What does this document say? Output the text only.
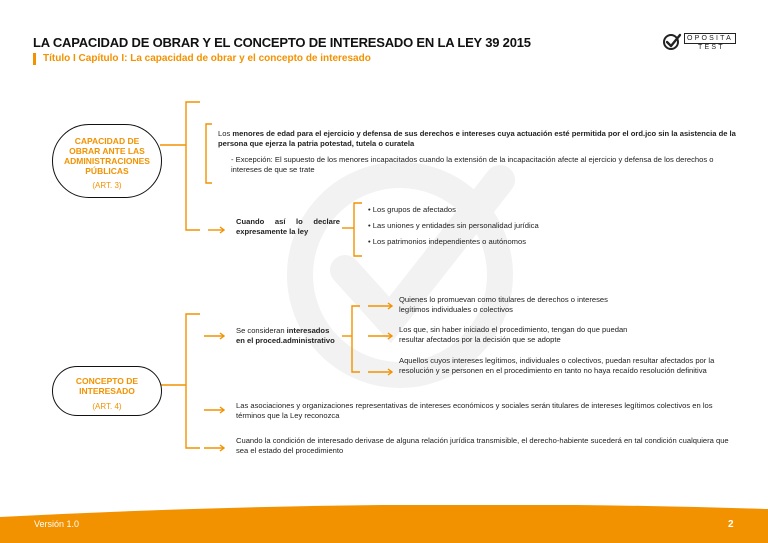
LA CAPACIDAD DE OBRAR Y EL CONCEPTO DE INTERESADO EN LA LEY 39 2015
Título I Capítulo I: La capacidad de obrar y el concepto de interesado
OPOSITA
TEST
CAPACIDAD DE OBRAR ANTE LAS ADMINISTRACIONES PÚBLICAS
(ART. 3)
Los menores de edad para el ejercicio y defensa de sus derechos e intereses cuya actuación esté permitida por el ord.jco sin la asistencia de la persona que ejerza la patria potestad, tutela o curatela
- Excepción: El supuesto de los menores incapacitados cuando la extensión de la incapacitación afecte al ejercicio y defensa de los derechos o intereses de que se trate
Cuando así lo declare expresamente la ley
• Los grupos de afectados
• Las uniones y entidades sin personalidad jurídica
• Los patrimonios independientes o autónomos
CONCEPTO DE INTERESADO
(ART. 4)
Se consideran interesados
en el proced.administrativo
Quienes lo promuevan como titulares de derechos o intereses legítimos individuales o colectivos
Los que, sin haber iniciado el procedimiento, tengan do que puedan resultar afectados por la decisión que se adopte
Aquellos cuyos intereses legítimos, individuales o colectivos, puedan resultar afectados por la resolución y se personen en el procedimiento en tanto no haya recaído resolución definitiva
Las asociaciones y organizaciones representativas de intereses económicos y sociales serán titulares de intereses legítimos colectivos en los términos que la Ley reconozca
Cuando la condición de interesado derivase de alguna relación jurídica transmisible, el derecho-habiente sucederá en tal condición cualquiera que sea el estado del procedimiento
Versión 1.0	2
